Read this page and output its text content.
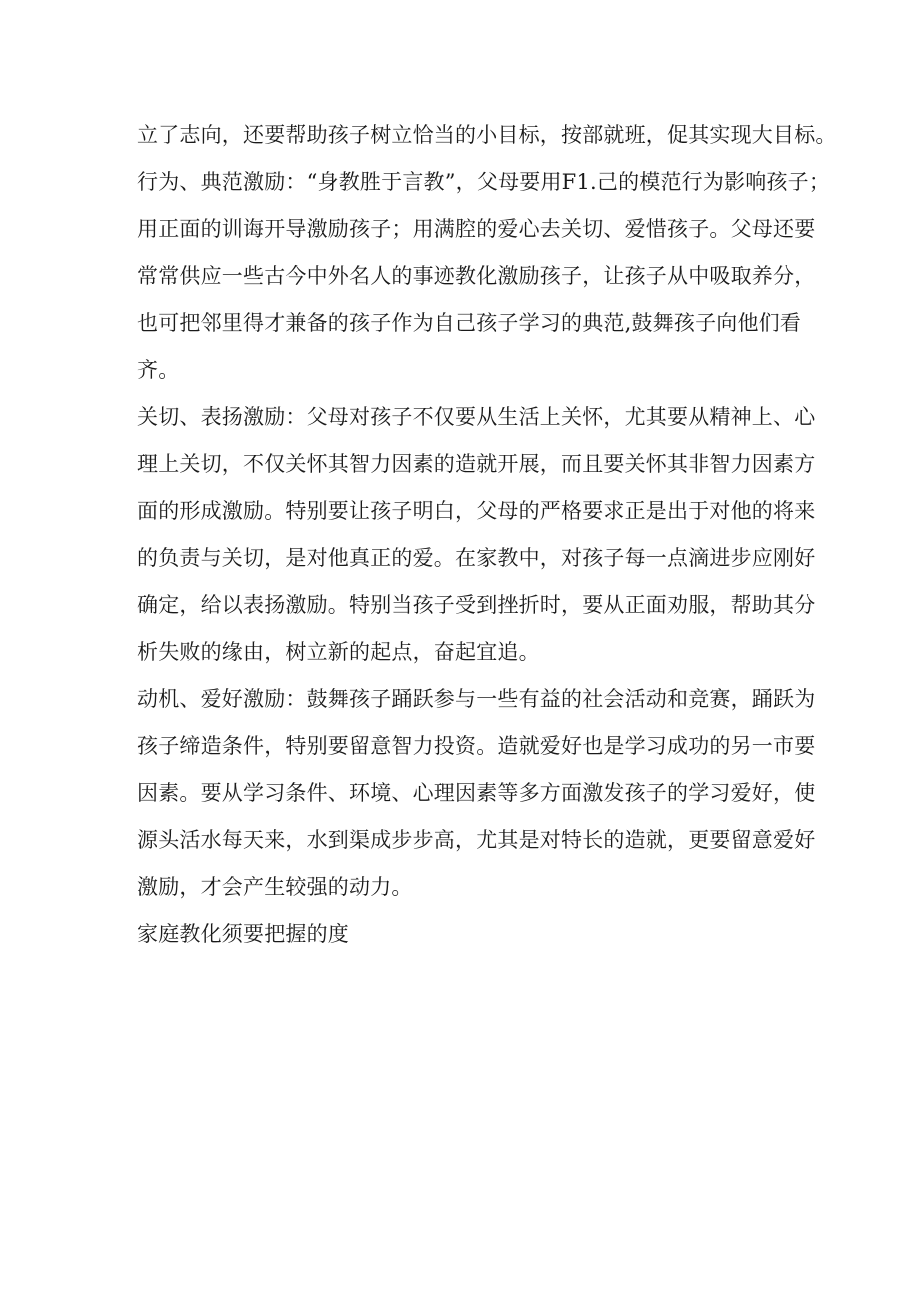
立了志向，还要帮助孩子树立恰当的小目标，按部就班，促其实现大目标。
行为、典范激励：“身教胜于言教”，父母要用F1.己的模范行为影响孩子；
用正面的训诲开导激励孩子；用满腔的爱心去关切、爱惜孩子。父母还要
常常供应一些古今中外名人的事迹教化激励孩子，让孩子从中吸取养分，
也可把邻里得才兼备的孩子作为自己孩子学习的典范,鼓舞孩子向他们看
齐。
关切、表扬激励：父母对孩子不仅要从生活上关怀，尤其要从精神上、心
理上关切，不仅关怀其智力因素的造就开展，而且要关怀其非智力因素方
面的形成激励。特别要让孩子明白，父母的严格要求正是出于对他的将来
的负责与关切，是对他真正的爱。在家教中，对孩子每一点滴进步应刚好
确定，给以表扬激励。特别当孩子受到挫折时，要从正面劝服，帮助其分
析失败的缘由，树立新的起点，奋起宜追。
动机、爱好激励：鼓舞孩子踊跃参与一些有益的社会活动和竞赛，踊跃为
孩子缔造条件，特别要留意智力投资。造就爱好也是学习成功的另一市要
因素。要从学习条件、环境、心理因素等多方面激发孩子的学习爱好，使
源头活水每天来，水到渠成步步高，尤其是对特长的造就，更要留意爱好
激励，才会产生较强的动力。
家庭教化须要把握的度
